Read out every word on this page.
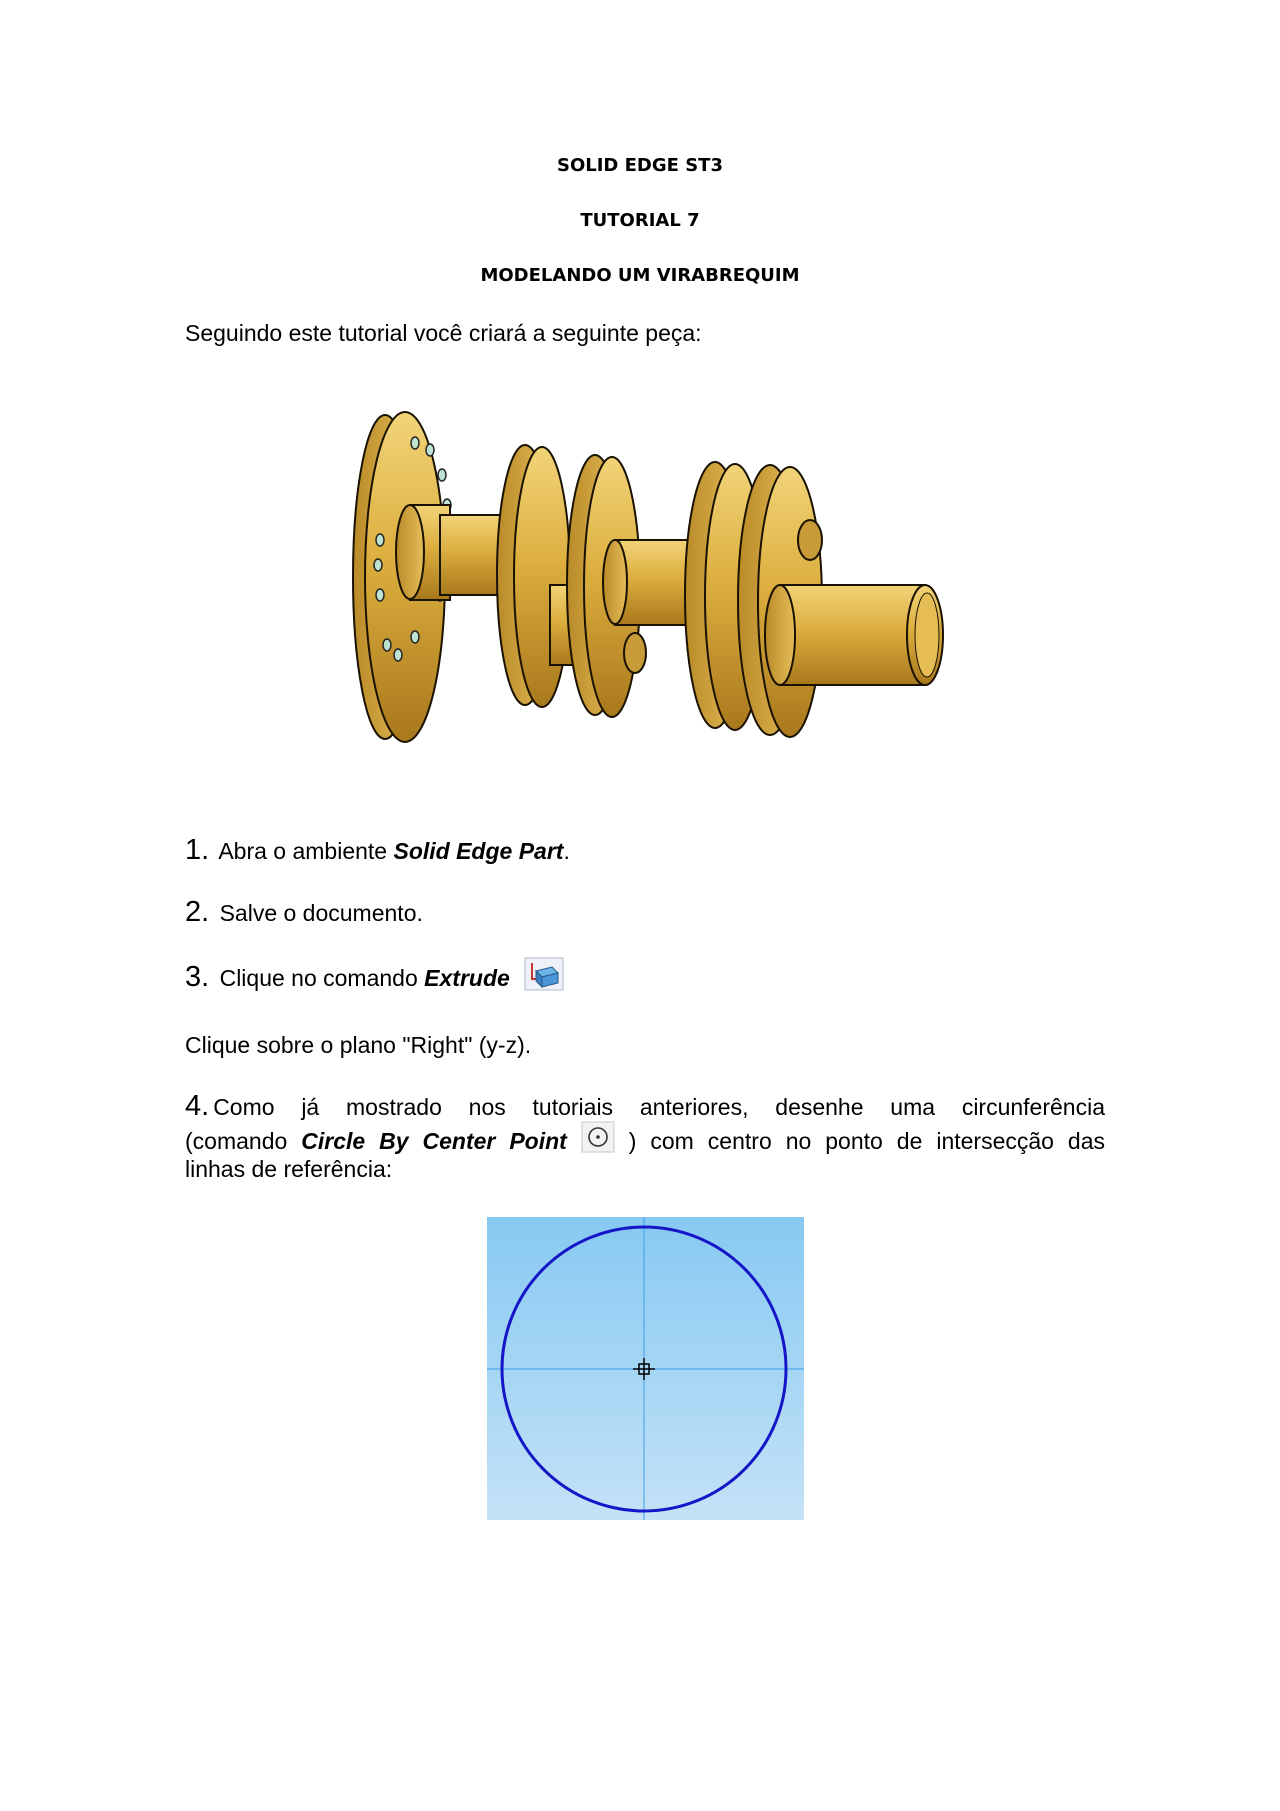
SOLID EDGE ST3
TUTORIAL 7
MODELANDO UM VIRABREQUIM
Seguindo este tutorial você criará a seguinte peça:
1. Abra o ambiente Solid Edge Part.
2. Salve o documento.
3. Clique no comando Extrude
Clique sobre o plano "Right" (y-z).
4. Como já mostrado nos tutoriais anteriores, desenhe uma circunferência
(comando Circle By Center Point	) com centro no ponto de intersecção das
linhas de referência:
